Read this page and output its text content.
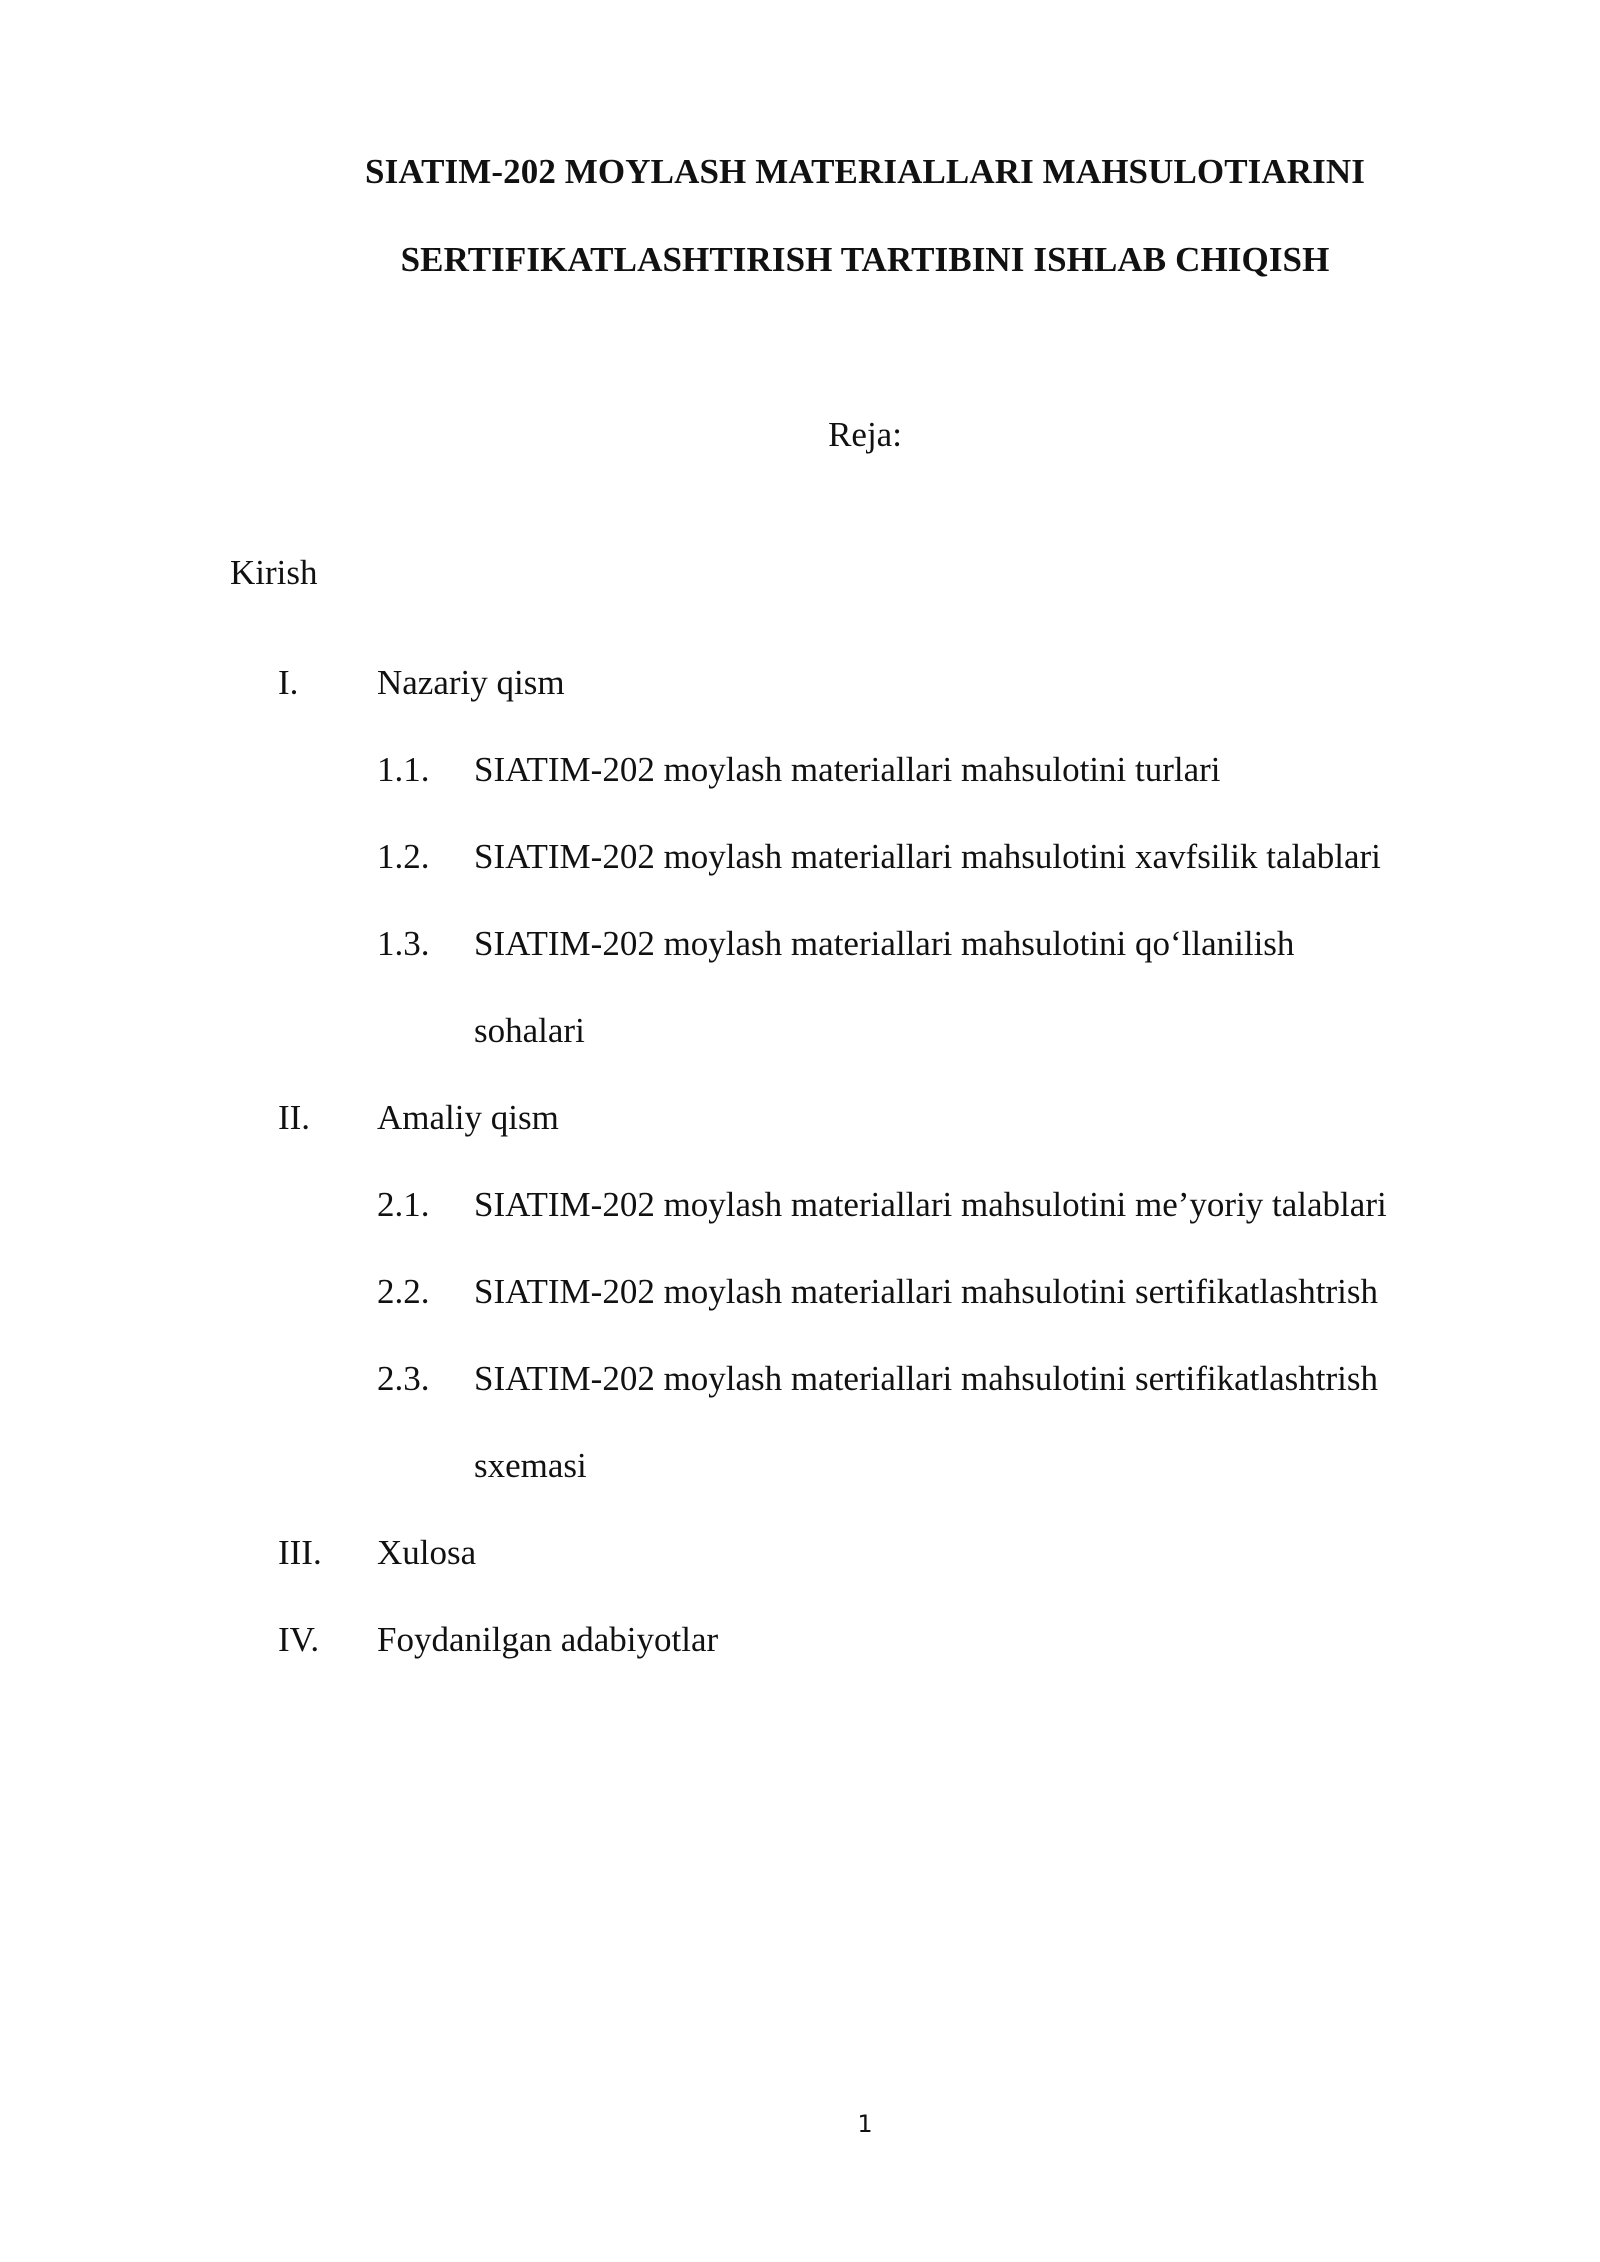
SIATIM-202 MOYLASH MATERIALLARI MAHSULOTIARINI
SERTIFIKATLASHTIRISH TARTIBINI ISHLAB CHIQISH
Reja:
Kirish
I. Nazariy qism
1.1. SIATIM-202 moylash materiallari mahsulotini turlari
1.2. SIATIM-202 moylash materiallari mahsulotini xavfsilik talablari
1.3. SIATIM-202 moylash materiallari mahsulotini qo‘llanilish
sohalari
II. Amaliy qism
2.1. SIATIM-202 moylash materiallari mahsulotini me’yoriy talablari
2.2. SIATIM-202 moylash materiallari mahsulotini sertifikatlashtrish
2.3. SIATIM-202 moylash materiallari mahsulotini sertifikatlashtrish
sxemasi
III. Xulosa
IV. Foydanilgan adabiyotlar
1
